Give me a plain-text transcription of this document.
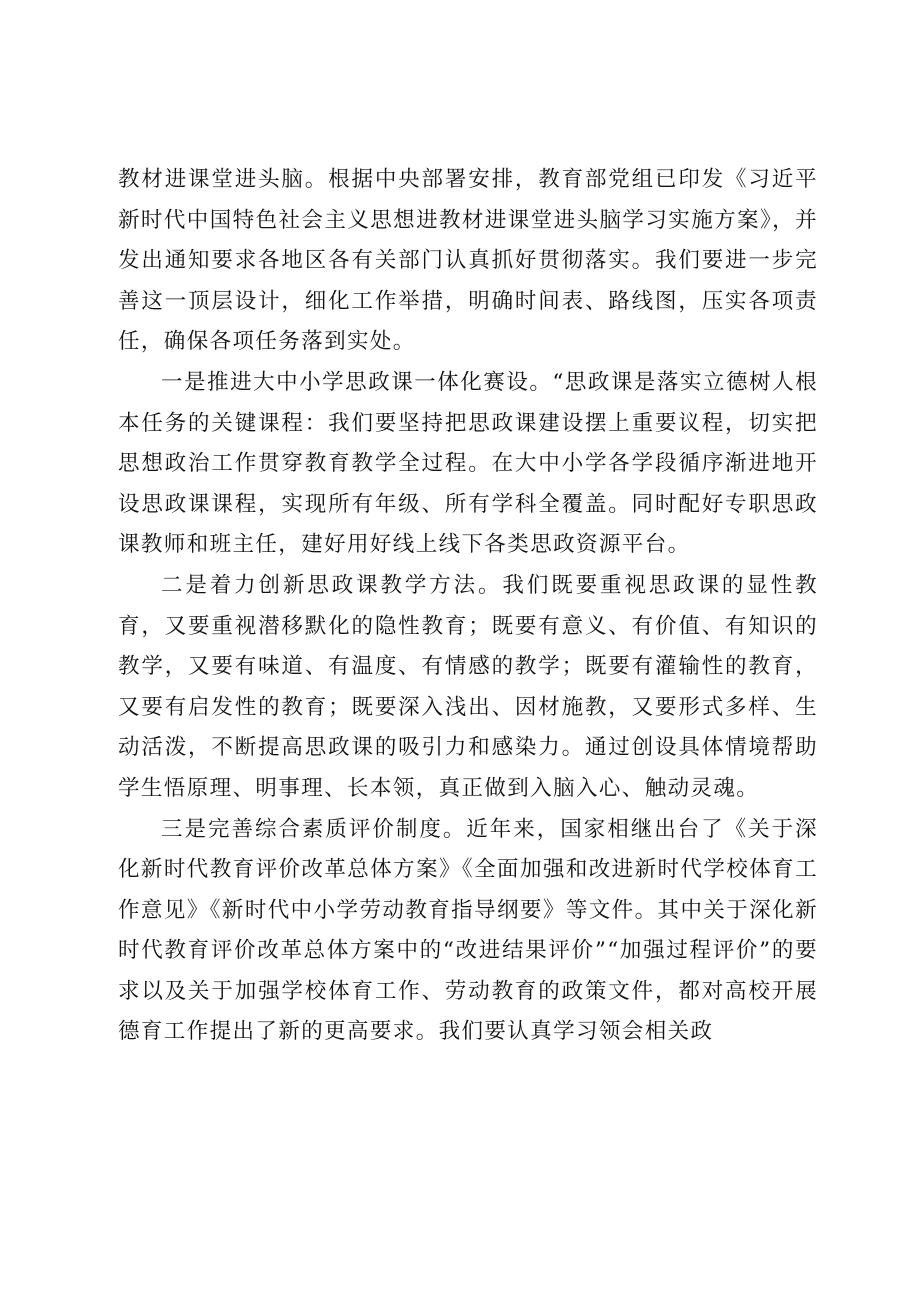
教材进课堂进头脑。根据中央部署安排，教育部党组已印发《习近平新时代中国特色社会主义思想进教材进课堂进头脑学习实施方案》，并发出通知要求各地区各有关部门认真抓好贯彻落实。我们要进一步完善这一顶层设计，细化工作举措，明确时间表、路线图，压实各项责任，确保各项任务落到实处。

一是推进大中小学思政课一体化赛设。“思政课是落实立德树人根本任务的关键课程：我们要坚持把思政课建设摆上重要议程，切实把思想政治工作贯穿教育教学全过程。在大中小学各学段循序渐进地开设思政课课程，实现所有年级、所有学科全覆盖。同时配好专职思政课教师和班主任，建好用好线上线下各类思政资源平台。

二是着力创新思政课教学方法。我们既要重视思政课的显性教育，又要重视潜移默化的隐性教育；既要有意义、有价值、有知识的教学，又要有味道、有温度、有情感的教学；既要有灌输性的教育，又要有启发性的教育；既要深入浅出、因材施教，又要形式多样、生动活泼，不断提高思政课的吸引力和感染力。通过创设具体情境帮助学生悟原理、明事理、长本领，真正做到入脑入心、触动灵魂。

三是完善综合素质评价制度。近年来，国家相继出台了《关于深化新时代教育评价改革总体方案》《全面加强和改进新时代学校体育工作意见》《新时代中小学劳动教育指导纲要》等文件。其中关于深化新时代教育评价改革总体方案中的“改进结果评价”“加强过程评价”的要求以及关于加强学校体育工作、劳动教育的政策文件，都对高校开展德育工作提出了新的更高要求。我们要认真学习领会相关政
